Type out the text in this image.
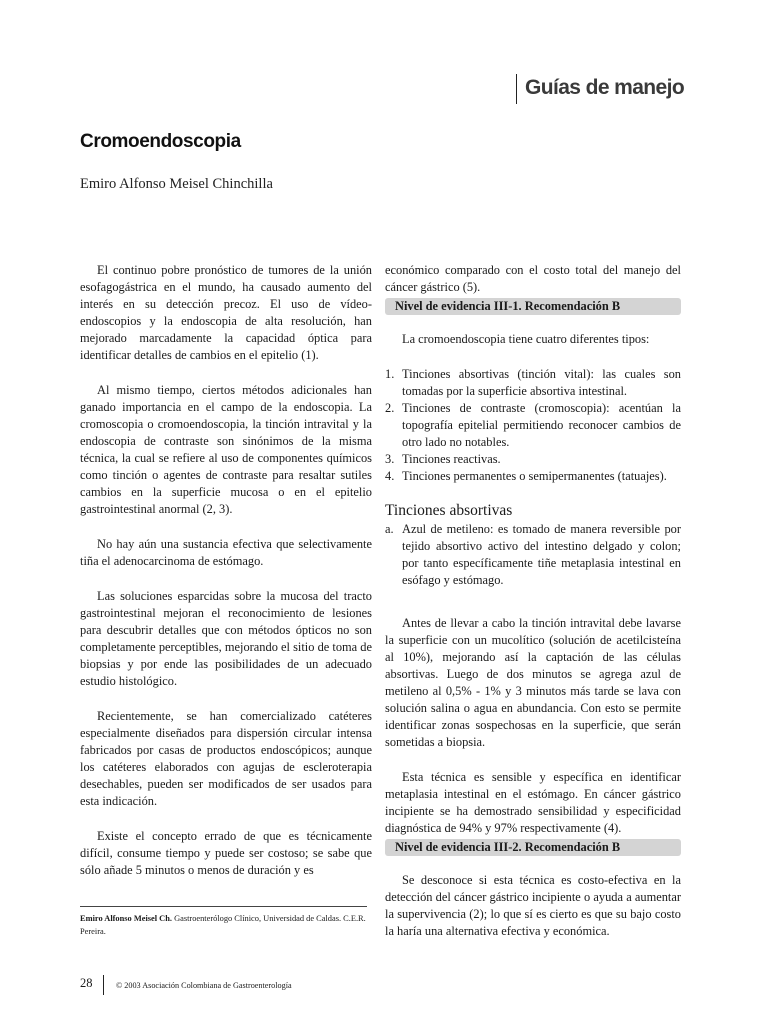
Guías de manejo
Cromoendoscopia
Emiro Alfonso Meisel Chinchilla

El continuo pobre pronóstico de tumores de la unión esofagogástrica en el mundo, ha causado aumento del interés en su detección precoz. El uso de vídeo-endoscopios y la endoscopia de alta resolución, han mejorado marcadamente la capacidad óptica para identificar detalles de cambios en el epitelio (1).

Al mismo tiempo, ciertos métodos adicionales han ganado importancia en el campo de la endoscopia. La cromoscopia o cromoendoscopia, la tinción intravital y la endoscopia de contraste son sinónimos de la misma técnica, la cual se refiere al uso de componentes químicos como tinción o agentes de contraste para resaltar sutiles cambios en la superficie mucosa o en el epitelio gastrointestinal anormal (2, 3).

No hay aún una sustancia efectiva que selectivamente tiña el adenocarcinoma de estómago.

Las soluciones esparcidas sobre la mucosa del tracto gastrointestinal mejoran el reconocimiento de lesiones para descubrir detalles que con métodos ópticos no son completamente perceptibles, mejorando el sitio de toma de biopsias y por ende las posibilidades de un adecuado estudio histológico.

Recientemente, se han comercializado catéteres especialmente diseñados para dispersión circular intensa fabricados por casas de productos endoscópicos; aunque los catéteres elaborados con agujas de escleroterapia desechables, pueden ser modificados de ser usados para esta indicación.

Existe el concepto errado de que es técnicamente difícil, consume tiempo y puede ser costoso; se sabe que sólo añade 5 minutos o menos de duración y es

económico comparado con el costo total del manejo del cáncer gástrico (5).

Nivel de evidencia III-1. Recomendación B

La cromoendoscopia tiene cuatro diferentes tipos:

1. Tinciones absortivas (tinción vital): las cuales son tomadas por la superficie absortiva intestinal.
2. Tinciones de contraste (cromoscopia): acentúan la topografía epitelial permitiendo reconocer cambios de otro lado no notables.
3. Tinciones reactivas.
4. Tinciones permanentes o semipermanentes (tatuajes).
Tinciones absortivas
a. Azul de metileno: es tomado de manera reversible por tejido absortivo activo del intestino delgado y colon; por tanto específicamente tiñe metaplasia intestinal en esófago y estómago.

Antes de llevar a cabo la tinción intravital debe lavarse la superficie con un mucolítico (solución de acetilcisteína al 10%), mejorando así la captación de las células absortivas. Luego de dos minutos se agrega azul de metileno al 0,5% - 1% y 3 minutos más tarde se lava con solución salina o agua en abundancia. Con esto se permite identificar zonas sospechosas en la superficie, que serán sometidas a biopsia.

Esta técnica es sensible y específica en identificar metaplasia intestinal en el estómago. En cáncer gástrico incipiente se ha demostrado sensibilidad y especificidad diagnóstica de 94% y 97% respectivamente (4).

Nivel de evidencia III-2. Recomendación B

Se desconoce si esta técnica es costo-efectiva en la detección del cáncer gástrico incipiente o ayuda a aumentar la supervivencia (2); lo que sí es cierto es que su bajo costo la haría una alternativa efectiva y económica.

Emiro Alfonso Meisel Ch. Gastroenterólogo Clínico, Universidad de Caldas. C.E.R. Pereira.
28	© 2003 Asociación Colombiana de Gastroenterología
